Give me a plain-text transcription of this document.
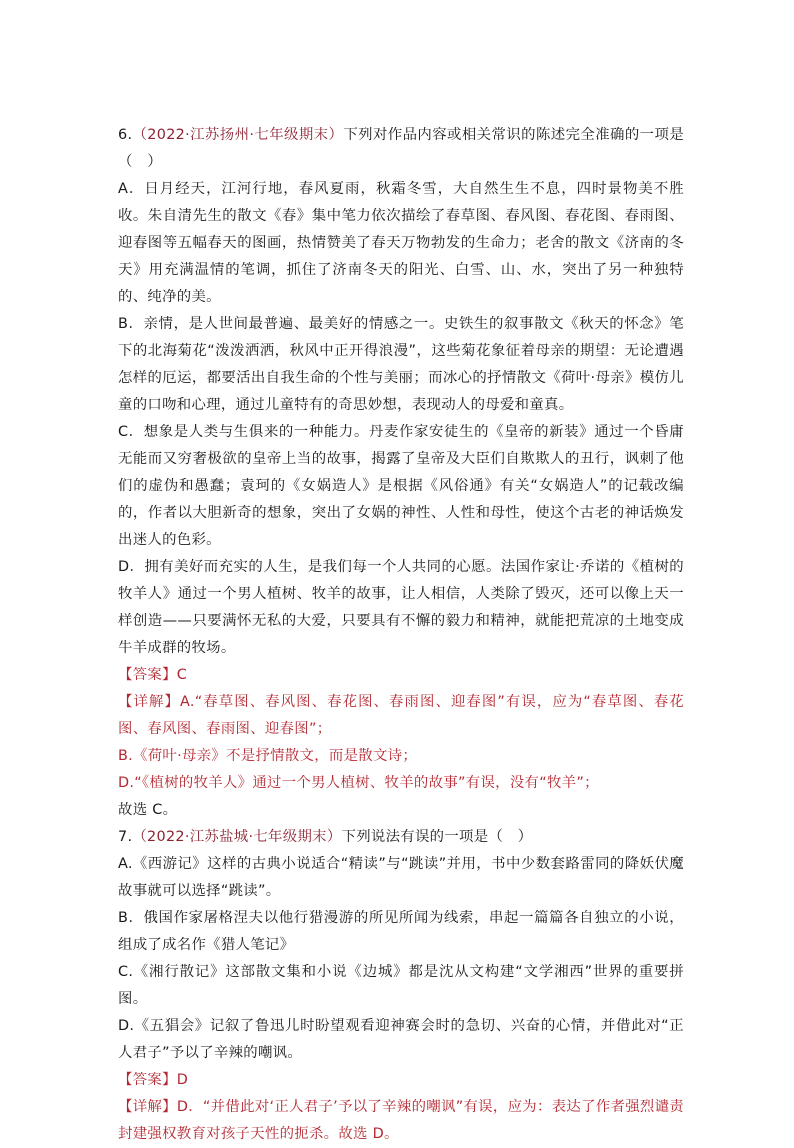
6.（2022·江苏扬州·七年级期末）下列对作品内容或相关常识的陈述完全准确的一项是（　）

A．日月经天，江河行地，春风夏雨，秋霜冬雪，大自然生生不息，四时景物美不胜收。朱自清先生的散文《春》集中笔力依次描绘了春草图、春风图、春花图、春雨图、迎春图等五幅春天的图画，热情赞美了春天万物勃发的生命力；老舍的散文《济南的冬天》用充满温情的笔调，抓住了济南冬天的阳光、白雪、山、水，突出了另一种独特的、纯净的美。

B．亲情，是人世间最普遍、最美好的情感之一。史铁生的叙事散文《秋天的怀念》笔下的北海菊花“泼泼洒洒，秋风中正开得浪漫”，这些菊花象征着母亲的期望：无论遭遇怎样的厄运，都要活出自我生命的个性与美丽；而冰心的抒情散文《荷叶·母亲》模仿儿童的口吻和心理，通过儿童特有的奇思妙想，表现动人的母爱和童真。

C．想象是人类与生俱来的一种能力。丹麦作家安徒生的《皇帝的新装》通过一个昏庸无能而又穷奢极欲的皇帝上当的故事，揭露了皇帝及大臣们自欺欺人的丑行，讽刺了他们的虚伪和愚蠢；袁珂的《女娲造人》是根据《风俗通》有关“女娲造人”的记载改编的，作者以大胆新奇的想象，突出了女娲的神性、人性和母性，使这个古老的神话焕发出迷人的色彩。

D．拥有美好而充实的人生，是我们每一个人共同的心愿。法国作家让·乔诺的《植树的牧羊人》通过一个男人植树、牧羊的故事，让人相信，人类除了毁灭，还可以像上天一样创造——只要满怀无私的大爱，只要具有不懈的毅力和精神，就能把荒凉的土地变成牛羊成群的牧场。

【答案】C

【详解】A.“春草图、春风图、春花图、春雨图、迎春图”有误，应为“春草图、春花图、春风图、春雨图、迎春图”；

B.《荷叶·母亲》不是抒情散文，而是散文诗；

D.“《植树的牧羊人》通过一个男人植树、牧羊的故事”有误，没有“牧羊”；

故选 C。

7.（2022·江苏盐城·七年级期末）下列说法有误的一项是（　）

A.《西游记》这样的古典小说适合“精读”与“跳读”并用，书中少数套路雷同的降妖伏魔故事就可以选择“跳读”。

B．俄国作家屠格涅夫以他行猎漫游的所见所闻为线索，串起一篇篇各自独立的小说，组成了成名作《猎人笔记》

C.《湘行散记》这部散文集和小说《边城》都是沈从文构建“文学湘西”世界的重要拼图。

D.《五猖会》记叙了鲁迅儿时盼望观看迎神赛会时的急切、兴奋的心情，并借此对“正人君子”予以了辛辣的嘲讽。

【答案】D

【详解】D．“并借此对‘正人君子’予以了辛辣的嘲讽”有误，应为：表达了作者强烈谴责封建强权教育对孩子天性的扼杀。故选 D。
